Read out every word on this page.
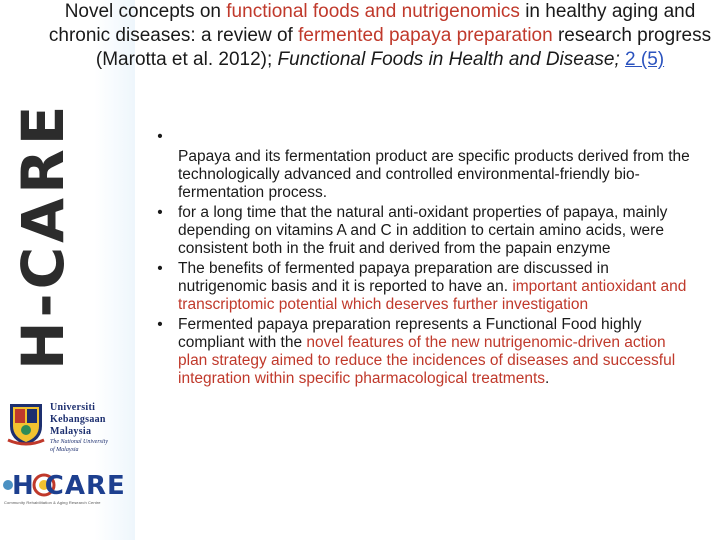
H-CARE
Universiti
Kebangsaan
Malaysia
The National University
of Malaysia
H CARE
Community Rehabilitation & Aging Research Centre
Novel concepts on functional foods and nutrigenomics in healthy aging and chronic diseases: a review of fermented papaya preparation research progress (Marotta et al. 2012); Functional Foods in Health and Disease; 2 (5)
•
Papaya and its fermentation product are specific products derived from the technologically advanced and controlled environmental-friendly bio-fermentation process.
• for a long time that the natural anti-oxidant properties of papaya, mainly depending on vitamins A and C in addition to certain amino acids, were consistent both in the fruit and derived from the papain enzyme
• The benefits of fermented papaya preparation are discussed in nutrigenomic basis and it is reported to have an. important antioxidant and transcriptomic potential which deserves further investigation
• Fermented papaya preparation represents a Functional Food highly compliant with the novel features of the new nutrigenomic-driven action plan strategy aimed to reduce the incidences of diseases and successful integration within specific pharmacological treatments.
